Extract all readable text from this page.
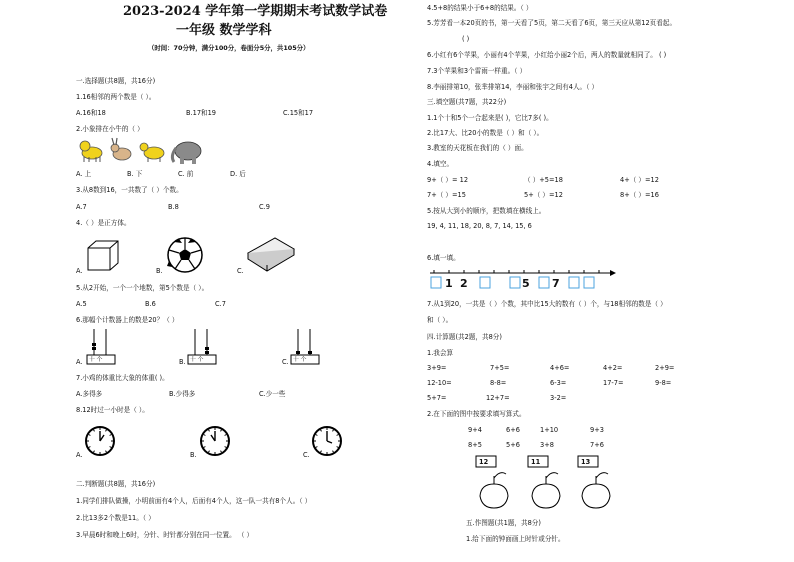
2023-2024 学年第一学期期末考试数学试卷
一年级 数学学科
（时间：70分钟，满分100分，卷面分5分，共105分）
一.选择题(共8题，共16分)
1.16相邻的两个数是（ ）。
A.16和18	B.17和19	C.15和17
2.小象排在小牛的（ ）
A. 上	B. 下	C. 前	D. 后
3.从8数到16，一共数了（ ）个数。
A.7	B.8	C.9
4.（ ）是正方体。
A.	B.	C.
5.从2开始，一个一个地数，第5个数是（ ）。
A.5	B.6	C.7
6.那幅个计数器上的数是20？（ ）
十 个	十 个	十 个
A.	B.	C.
7.小鸡的体重比大象的体重( )。
A.多得多	B.少得多	C.少一些
8.12时过一小时是（ ）。
A.	B.	C.
二.判断题(共8题，共16分)
1.同学们排队做操，小明前面有4个人，后面有4个人，这一队一共有8个人。（ ）
2.比13多2个数是11。（ ）
3.早晨6时和晚上6时，分针、时针都分别在同一位置。 （ ）
4.5+8的结果小于6+8的结果。（ ）
( )
5.芳芳看一本20页的书，第一天看了5页，第二天看了6页，第三天应从第12页看起。
6.小红有6个苹果，小丽有4个苹果，小红给小丽2个后，两人的数量就相同了。 ( )
7.3个苹果和3个雷雨一样重。（ ）
8.李丽排第10，张芈排第14，李丽和张宇之间有4人。（ ）
三.填空题(共7题，共22分)
1.1个十和5个一合起来是( )，它比7多( )。
2.比17大、比20小的数是（ ）和（ ）。
3.教室的天花板在我们的（ ）面。
4.填空。
9+（ ）= 12	（ ）+5=18	4+（ ）=12
7+（ ）=15	5+（ ）=12	8+（ ）=16
5.按从大到小的顺序，把数填在横线上。
19, 4, 11, 18, 20, 8, 7, 14, 15, 6
6.填一填。
1 2	5 7
7.从1到20，一共是（ ）个数，其中比15大的数有（ ）个，与18相邻的数是（ ）
和（ ）。
四.计算题(共2题，共8分)
1.我会算
3+9=	7+5=	4+6=	4+2=	2+9=
12-10=	8-8=	6-3=	17-7=	9-8=
5+7=	12+7=	3-2=
2.在下面的图中按要求填写算式。
9+4	6+6	1+10	9+3
8+5	5+6	3+8	7+6
12	11	13
五.作图题(共1题，共8分)
1.给下面的钟面画上时针或分针。
